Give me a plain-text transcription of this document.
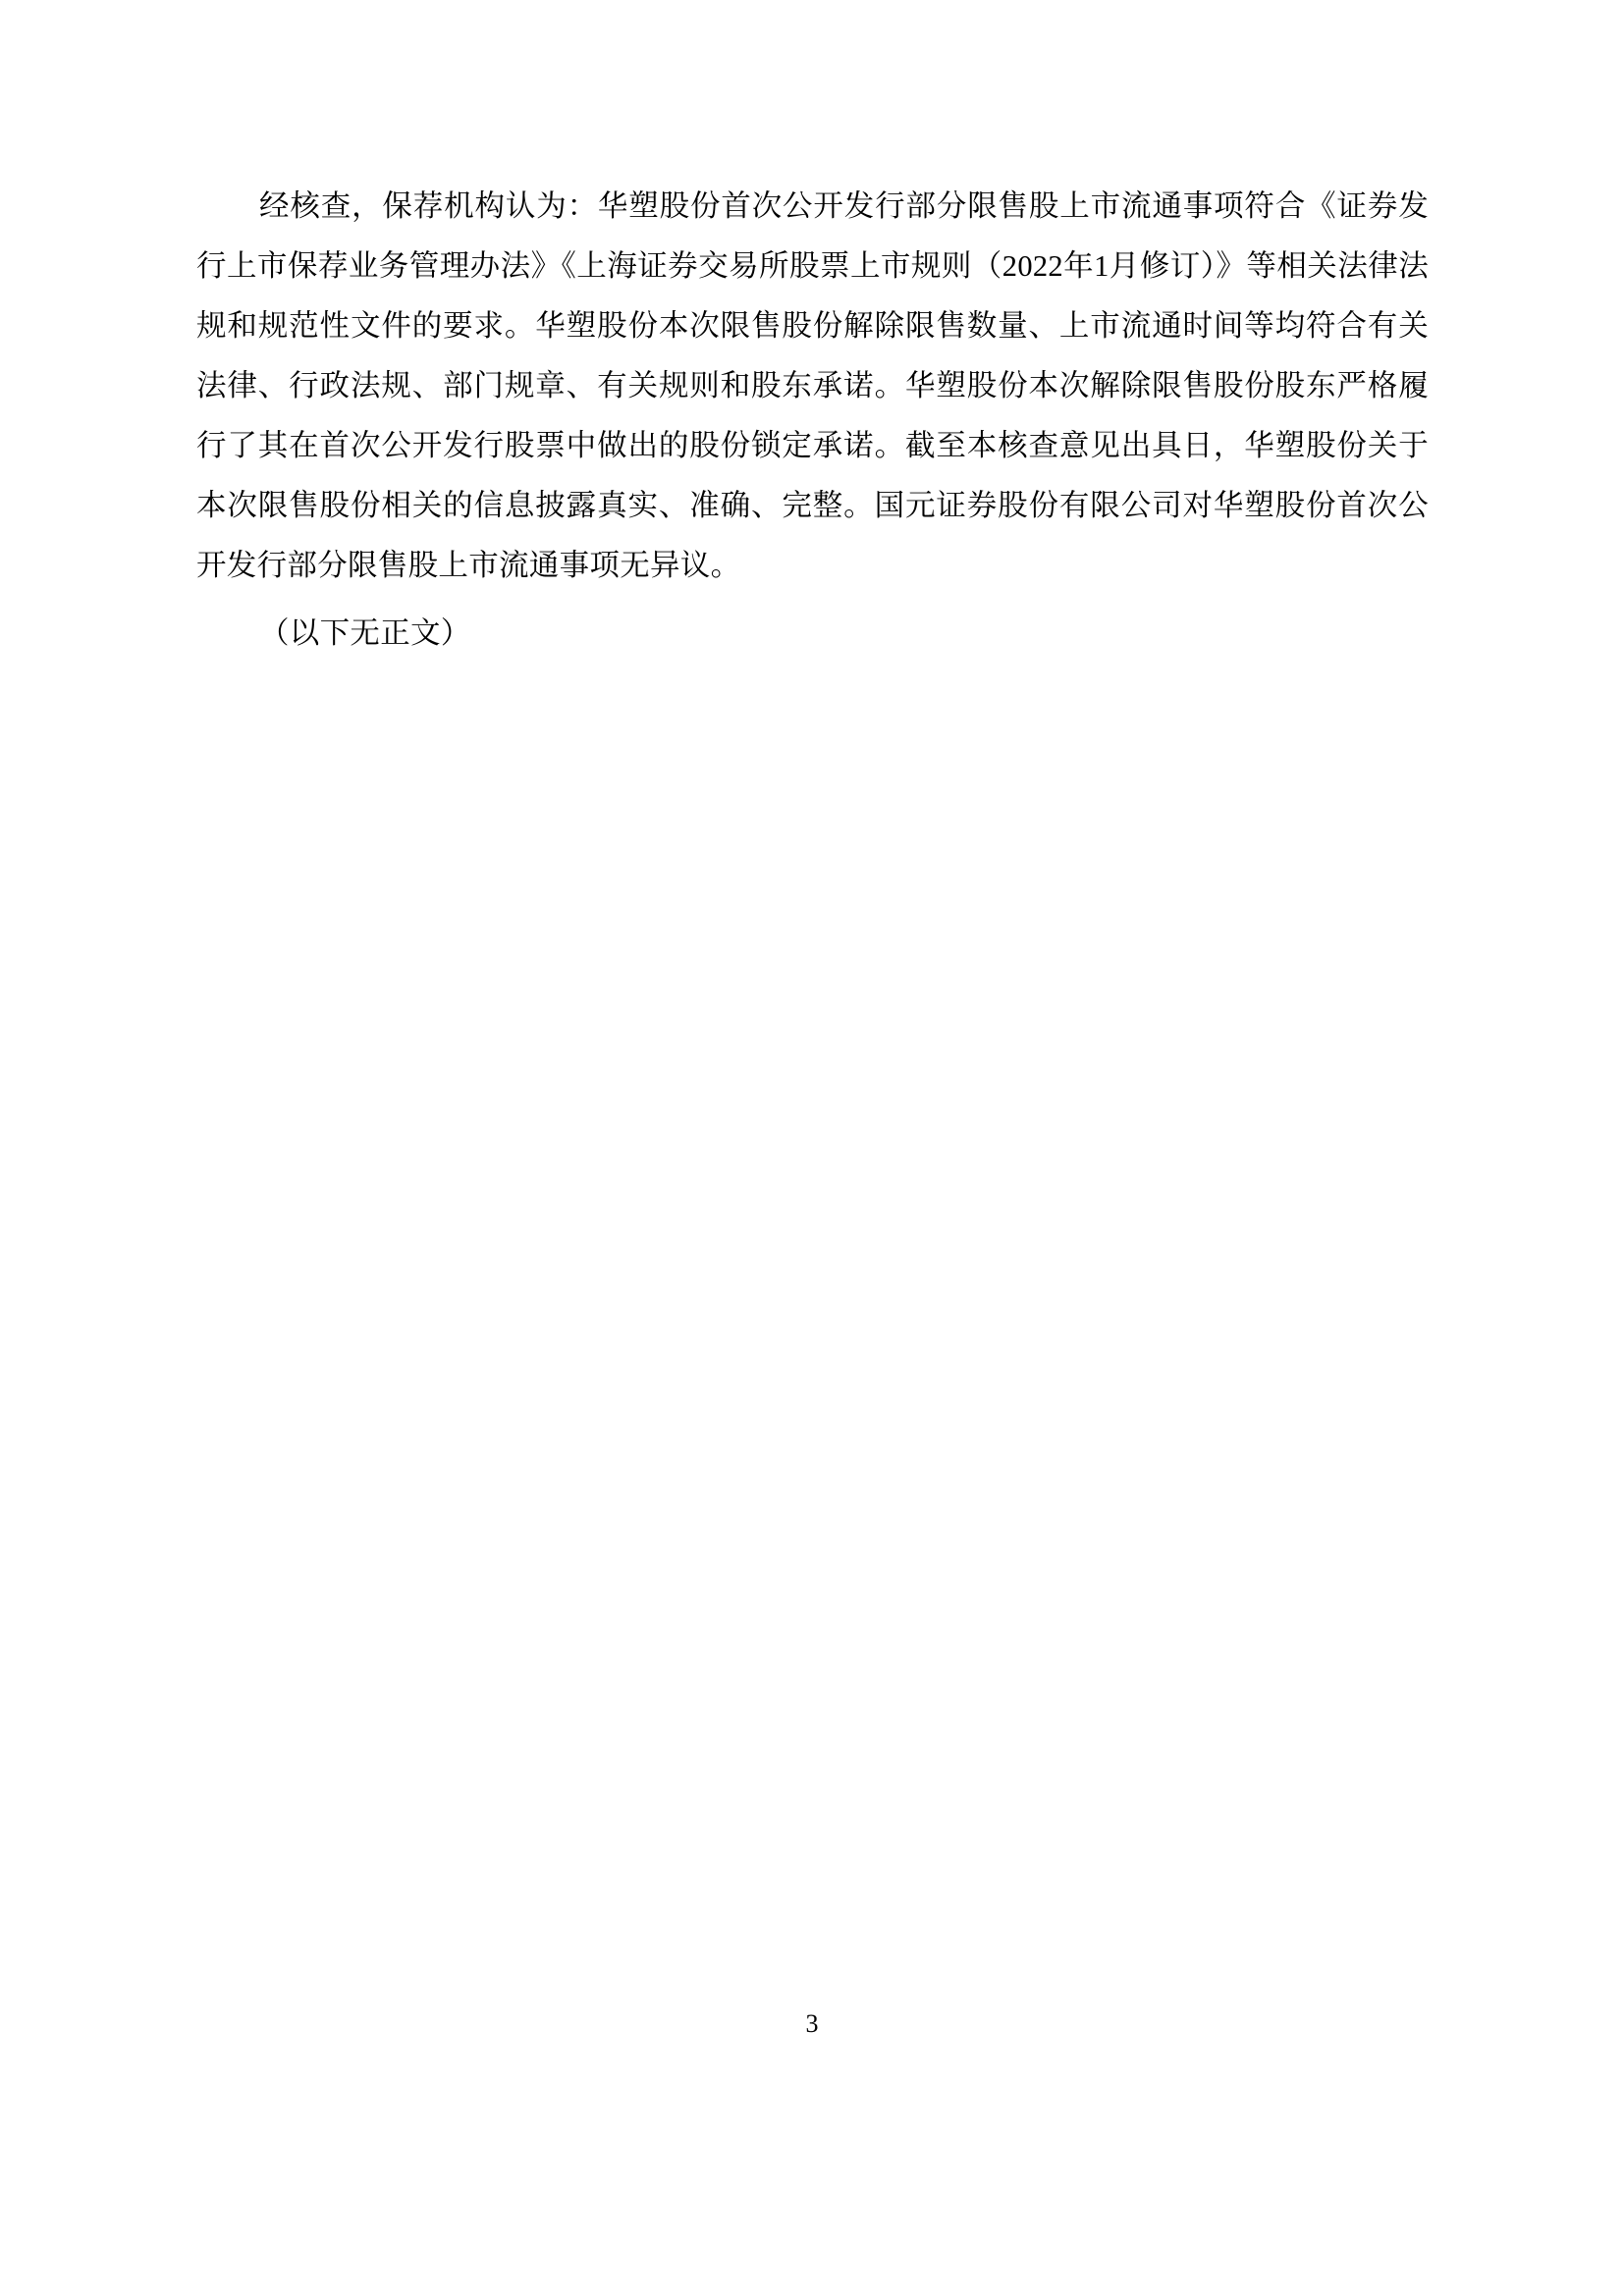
经核查，保荐机构认为：华塑股份首次公开发行部分限售股上市流通事项符合《证券发行上市保荐业务管理办法》《上海证券交易所股票上市规则（2022年1月修订）》等相关法律法规和规范性文件的要求。华塑股份本次限售股份解除限售数量、上市流通时间等均符合有关法律、行政法规、部门规章、有关规则和股东承诺。华塑股份本次解除限售股份股东严格履行了其在首次公开发行股票中做出的股份锁定承诺。截至本核查意见出具日，华塑股份关于本次限售股份相关的信息披露真实、准确、完整。国元证券股份有限公司对华塑股份首次公开发行部分限售股上市流通事项无异议。

（以下无正文）

3
